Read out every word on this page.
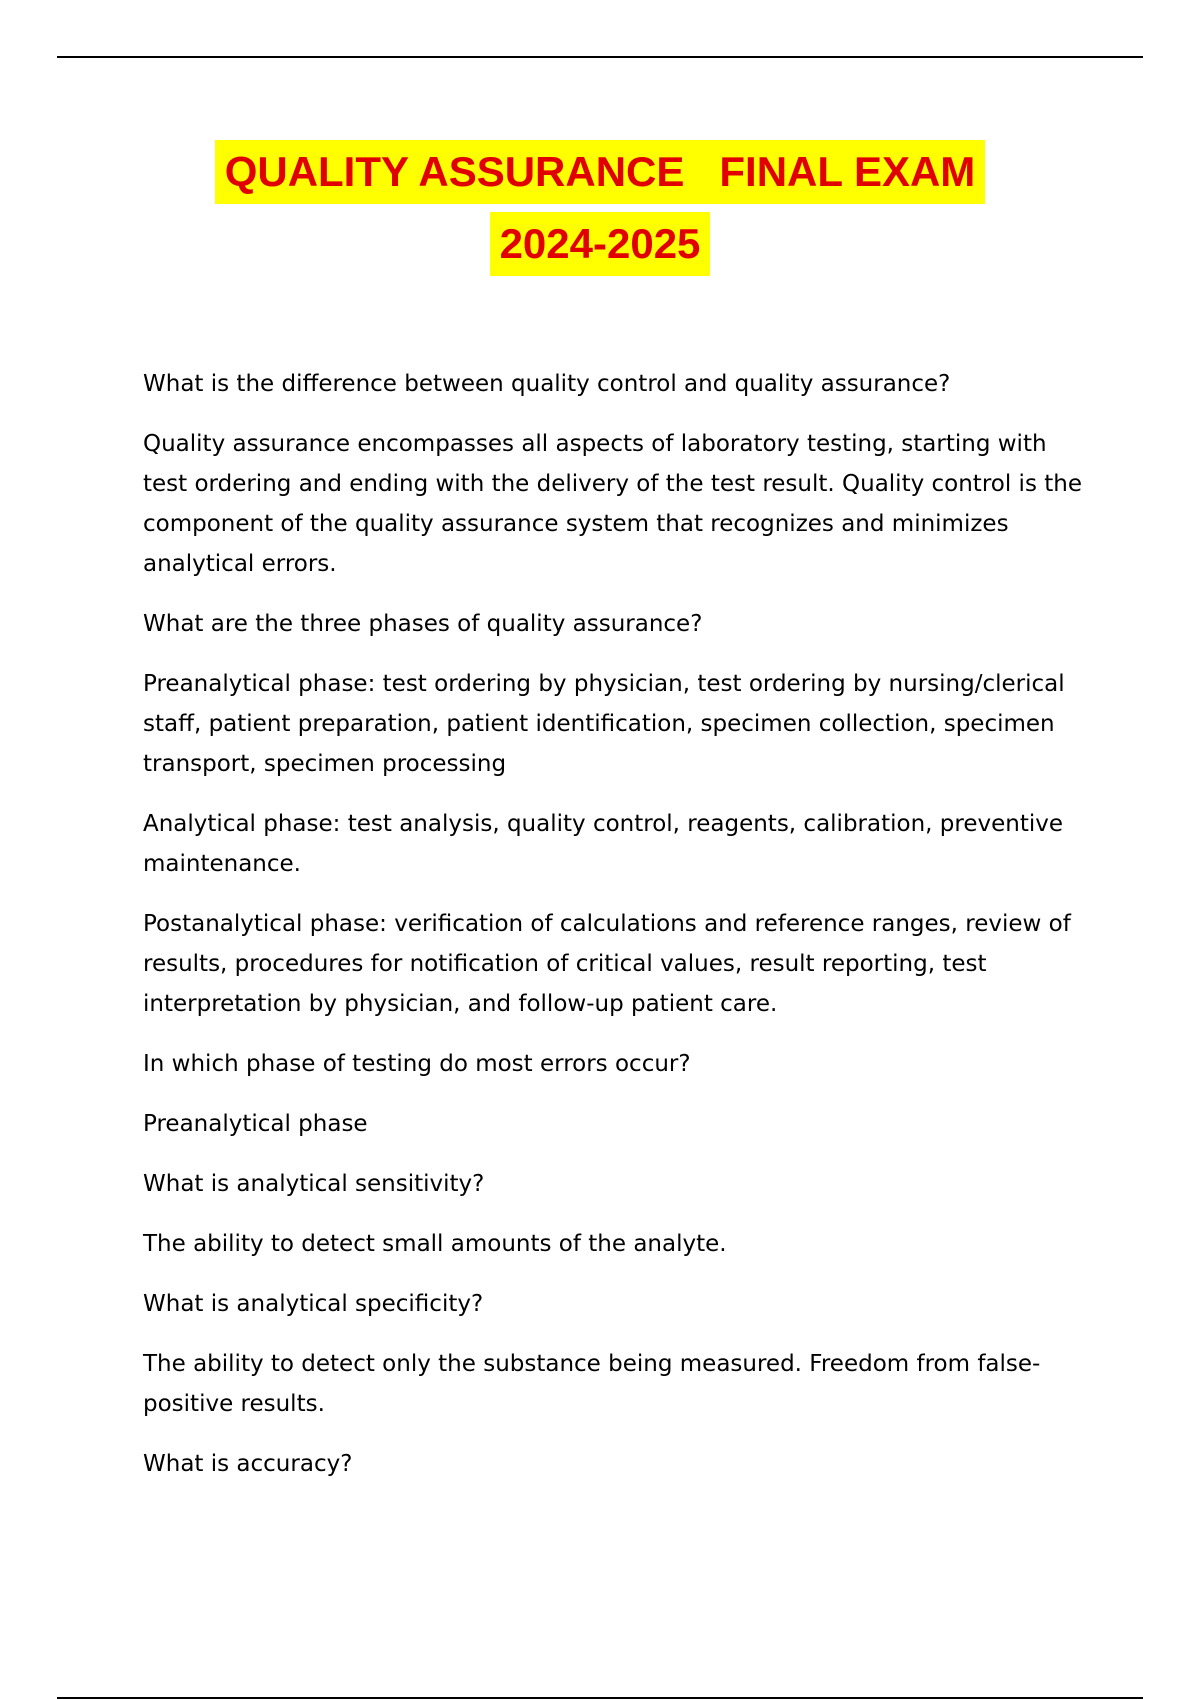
QUALITY ASSURANCE   FINAL EXAM
2024-2025

What is the difference between quality control and quality assurance?

Quality assurance encompasses all aspects of laboratory testing, starting with test ordering and ending with the delivery of the test result. Quality control is the component of the quality assurance system that recognizes and minimizes analytical errors.

What are the three phases of quality assurance?

Preanalytical phase: test ordering by physician, test ordering by nursing/clerical staff, patient preparation, patient identification, specimen collection, specimen transport, specimen processing

Analytical phase: test analysis, quality control, reagents, calibration, preventive maintenance.

Postanalytical phase: verification of calculations and reference ranges, review of results, procedures for notification of critical values, result reporting, test interpretation by physician, and follow-up patient care.

In which phase of testing do most errors occur?

Preanalytical phase

What is analytical sensitivity?

The ability to detect small amounts of the analyte.

What is analytical specificity?

The ability to detect only the substance being measured. Freedom from false-positive results.

What is accuracy?
